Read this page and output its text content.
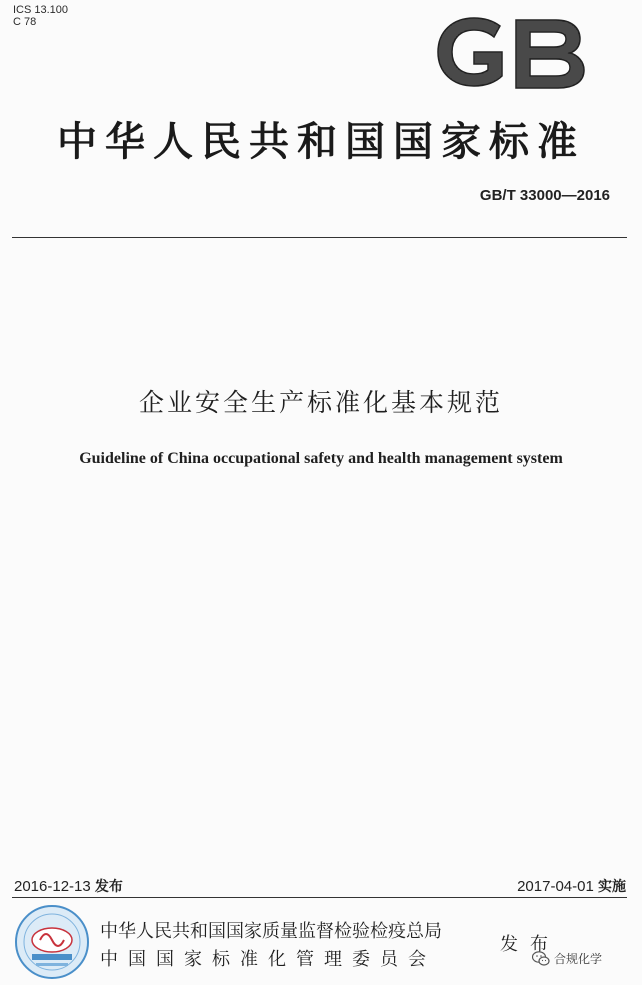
ICS 13.100
C 78
中华人民共和国国家标准
GB/T 33000—2016
企业安全生产标准化基本规范
Guideline of China occupational safety and health management system
2016-12-13 发布	2017-04-01 实施
中华人民共和国国家质量监督检验检疫总局
中国国家标准化管理委员会
发布
合规化学
